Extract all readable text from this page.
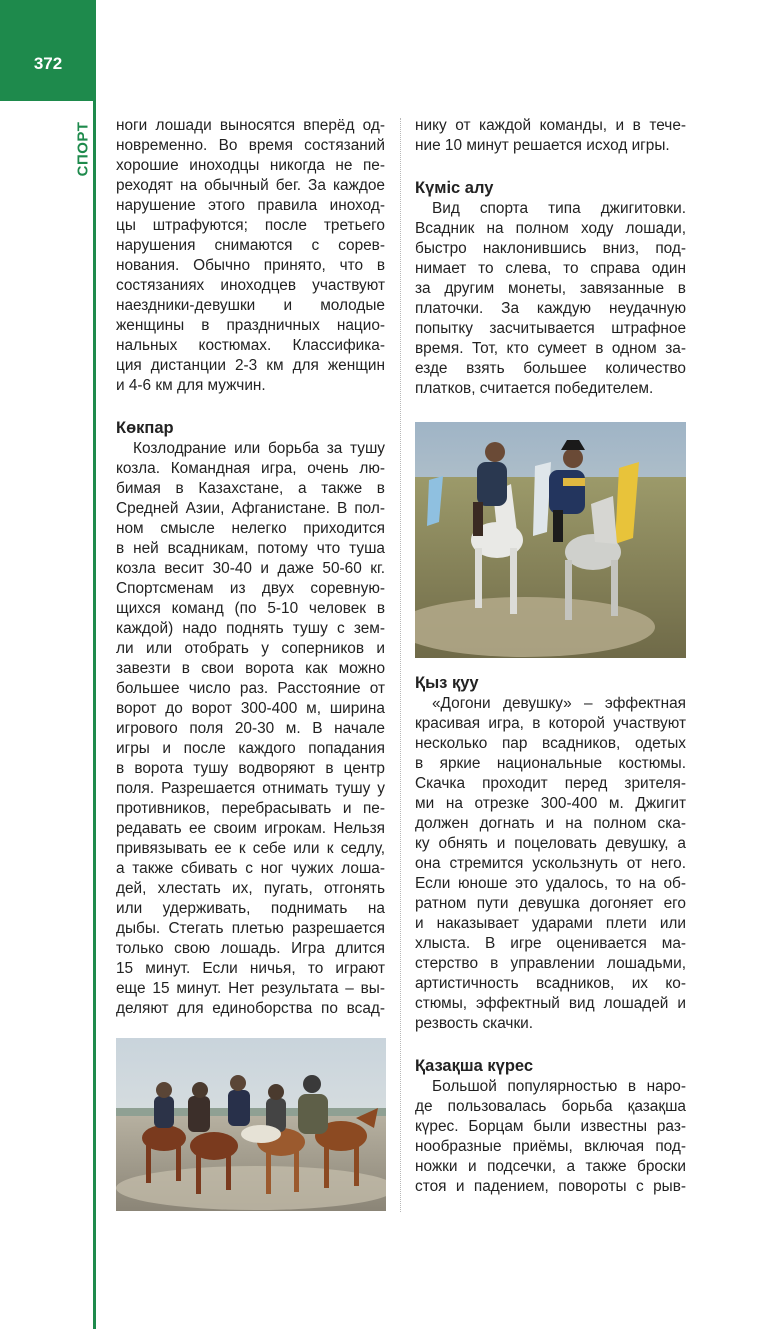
372
СПОРТ ноги лошади выносятся вперёд од-
новременно. Во время состязаний
хорошие иноходцы никогда не пе-
реходят на обычный бег. За каждое
нарушение этого правила иноход-
цы штрафуются; после третьего
нарушения снимаются с сорев-
нования. Обычно принято, что в
состязаниях иноходцев участвуют
наездники-девушки и молодые
женщины в праздничных нацио-
нальных костюмах. Классифика-
ция дистанции 2-3 км для женщин
и 4-6 км для мужчин.

Көкпар

Козлодрание или борьба за тушу
козла. Командная игра, очень лю-
бимая в Казахстане, а также в
Средней Азии, Афганистане. В пол-
ном смысле нелегко приходится
в ней всадникам, потому что туша
козла весит 30-40 и даже 50-60 кг.
Спортсменам из двух соревную-
щихся команд (по 5-10 человек в
каждой) надо поднять тушу с зем-
ли или отобрать у соперников и
завезти в свои ворота как можно
большее число раз. Расстояние от
ворот до ворот 300-400 м, ширина
игрового поля 20-30 м. В начале
игры и после каждого попадания
в ворота тушу водворяют в центр
поля. Разрешается отнимать тушу у
противников, перебрасывать и пе-
редавать ее своим игрокам. Нельзя
привязывать ее к себе или к седлу,
а также сбивать с ног чужих лоша-
дей, хлестать их, пугать, отгонять
или удерживать, поднимать на
дыбы. Стегать плетью разрешается
только свою лошадь. Игра длится
15 минут. Если ничья, то играют
еще 15 минут. Нет результата – вы-
деляют для единоборства по всад-

нику от каждой команды, и в тече-
ние 10 минут решается исход игры.

Күміс алу

Вид спорта типа джигитовки.
Всадник на полном ходу лошади,
быстро наклонившись вниз, под-
нимает то слева, то справа один
за другим монеты, завязанные в
платочки. За каждую неудачную
попытку засчитывается штрафное
время. Тот, кто сумеет в одном за-
езде взять большее количество
платков, считается победителем.

Қыз қуу

«Догони девушку» – эффектная
красивая игра, в которой участвуют
несколько пар всадников, одетых
в яркие национальные костюмы.
Скачка проходит перед зрителя-
ми на отрезке 300-400 м. Джигит
должен догнать и на полном ска-
ку обнять и поцеловать девушку, а
она стремится ускользнуть от него.
Если юноше это удалось, то на об-
ратном пути девушка догоняет его
и наказывает ударами плети или
хлыста. В игре оценивается ма-
стерство в управлении лошадьми,
артистичность всадников, их ко-
стюмы, эффектный вид лошадей и
резвость скачки.

Қазақша күрес

Большой популярностью в наро-
де пользовалась борьба қазақша
күрес. Борцам были известны раз-
нообразные приёмы, включая под-
ножки и подсечки, а также броски
стоя и падением, повороты с рыв-
